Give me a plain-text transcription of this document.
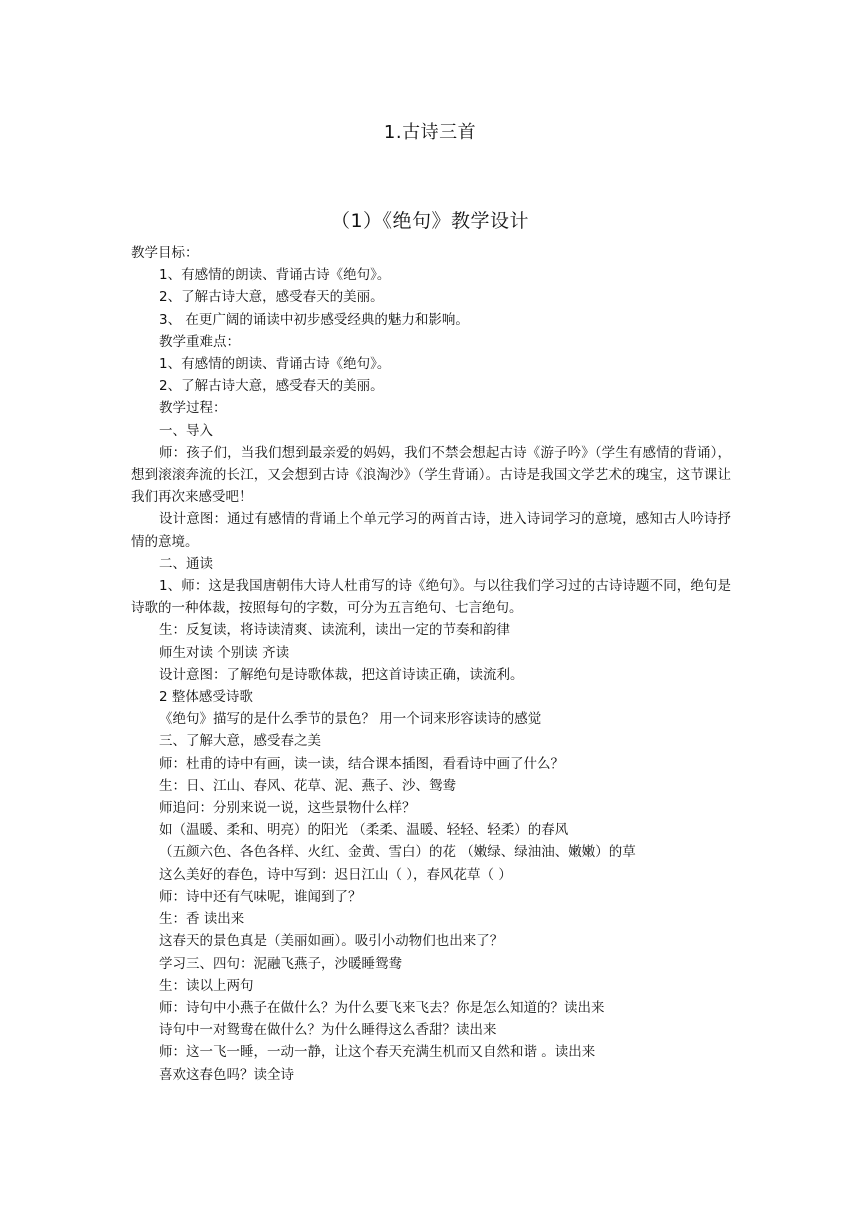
1.古诗三首
（1）《绝句》教学设计
教学目标：
1、有感情的朗读、背诵古诗《绝句》。
2、了解古诗大意，感受春天的美丽。
3、 在更广阔的诵读中初步感受经典的魅力和影响。
教学重难点：
1、有感情的朗读、背诵古诗《绝句》。
2、了解古诗大意，感受春天的美丽。
教学过程：
一、导入
师：孩子们，当我们想到最亲爱的妈妈，我们不禁会想起古诗《游子吟》（学生有感情的背诵），想到滚滚奔流的长江，又会想到古诗《浪淘沙》（学生背诵）。古诗是我国文学艺术的瑰宝，这节课让我们再次来感受吧！
设计意图：通过有感情的背诵上个单元学习的两首古诗，进入诗词学习的意境，感知古人吟诗抒情的意境。
二、通读
1、师：这是我国唐朝伟大诗人杜甫写的诗《绝句》。与以往我们学习过的古诗诗题不同，绝句是诗歌的一种体裁，按照每句的字数，可分为五言绝句、七言绝句。
生：反复读，将诗读清爽、读流利，读出一定的节奏和韵律
师生对读 个别读 齐读
设计意图：了解绝句是诗歌体裁，把这首诗读正确，读流利。
2 整体感受诗歌
《绝句》描写的是什么季节的景色？ 用一个词来形容读诗的感觉
三、了解大意，感受春之美
师：杜甫的诗中有画，读一读，结合课本插图，看看诗中画了什么？
生：日、江山、春风、花草、泥、燕子、沙、鸳鸯
师追问：分别来说一说，这些景物什么样？
如（温暖、柔和、明亮）的阳光 （柔柔、温暖、轻轻、轻柔）的春风
（五颜六色、各色各样、火红、金黄、雪白）的花 （嫩绿、绿油油、嫩嫩）的草
这么美好的春色，诗中写到：迟日江山（ ），春风花草（ ）
师：诗中还有气味呢，谁闻到了？
生：香 读出来
这春天的景色真是（美丽如画）。吸引小动物们也出来了？
学习三、四句：泥融飞燕子，沙暖睡鸳鸯
生：读以上两句
师：诗句中小燕子在做什么？为什么要飞来飞去？你是怎么知道的？读出来
诗句中一对鸳鸯在做什么？为什么睡得这么香甜？读出来
师：这一飞一睡，一动一静，让这个春天充满生机而又自然和谐 。读出来
喜欢这春色吗？读全诗
